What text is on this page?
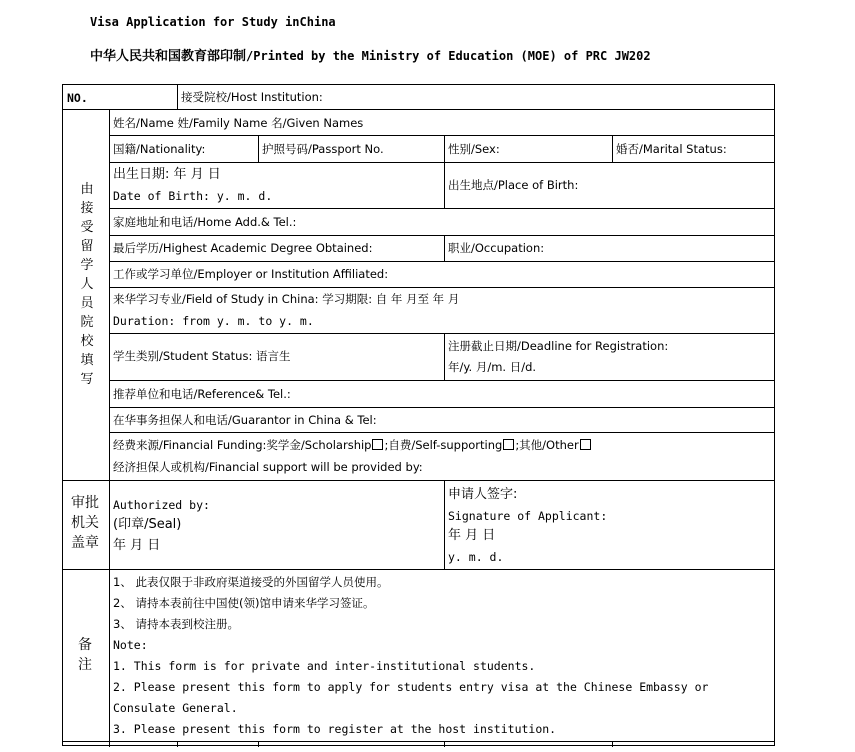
Visa Application for Study inChina
中华人民共和国教育部印制/Printed by the Ministry of Education (MOE) of PRC JW202
NO.	接受院校/Host Institution:
由
接
受
留
学
人
员
院
校
填
写
姓名/Name 姓/Family Name 名/Given Names
国籍/Nationality:	护照号码/Passport No.	性别/Sex:	婚否/Marital Status:
出生日期: 年 月 日
Date of Birth: y. m. d.
出生地点/Place of Birth:
家庭地址和电话/Home Add.& Tel.:
最后学历/Highest Academic Degree Obtained:	职业/Occupation:
工作或学习单位/Employer or Institution Affiliated:
来华学习专业/Field of Study in China: 学习期限: 自 年 月至 年 月
Duration: from y. m. to y. m.
学生类别/Student Status: 语言生
注册截止日期/Deadline for Registration:
年/y. 月/m. 日/d.
推荐单位和电话/Reference& Tel.:
在华事务担保人和电话/Guarantor in China & Tel:
经费来源/Financial Funding:奖学金/Scholarship ;自费/Self-supporting ;其他/Other
经济担保人或机构/Financial support will be provided by:
审批
机关
盖章
Authorized by:
(印章/Seal)
年 月 日
申请人签字:
Signature of Applicant:
年 月 日
y. m. d.
备
注
1、 此表仅限于非政府渠道接受的外国留学人员使用。
2、 请持本表前往中国使(领)馆申请来华学习签证。
3、 请持本表到校注册。
Note:
1. This form is for private and inter-institutional students.
2. Please present this form to apply for students entry visa at the Chinese Embassy or
Consulate General.
3. Please present this form to register at the host institution.
